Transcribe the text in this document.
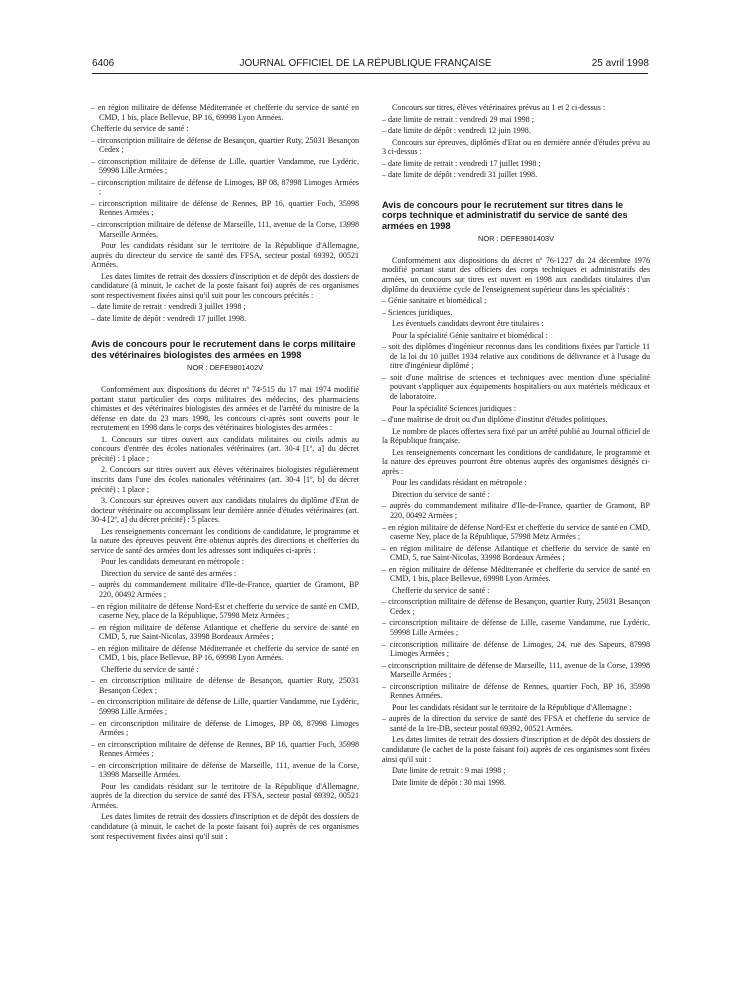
6406	JOURNAL OFFICIEL DE LA RÉPUBLIQUE FRANÇAISE	25 avril 1998

– en région militaire de défense Méditerranée et chefferie du service de santé en CMD, 1 bis, place Bellevue, BP 16, 69998 Lyon Armées.

Chefferie du service de santé :

– circonscription militaire de défense de Besançon, quartier Ruty, 25031 Besançon Cedex ;

– circonscription militaire de défense de Lille, quartier Vandamme, rue Lydéric, 59998 Lille Armées ;

– circonscription militaire de défense de Limoges, BP 08, 87998 Limoges Armées ;

– circonscription militaire de défense de Rennes, BP 16, quartier Foch, 35998 Rennes Armées ;

– circonscription militaire de défense de Marseille, 111, avenue de la Corse, 13998 Marseille Armées.

Pour les candidats résidant sur le territoire de la République d'Allemagne, auprès du directeur du service de santé des FFSA, secteur postal 69392, 00521 Armées.

Les dates limites de retrait des dossiers d'inscription et de dépôt des dossiers de candidature (à minuit, le cachet de la poste faisant foi) auprès de ces organismes sont respectivement fixées ainsi qu'il suit pour les concours précités :

– date limite de retrait : vendredi 3 juillet 1998 ;

– date limite de dépôt : vendredi 17 juillet 1998.

Avis de concours pour le recrutement dans le corps militaire des vétérinaires biologistes des armées en 1998
NOR : DEFE9801402V

Conformément aux dispositions du décret nº 74-515 du 17 mai 1974 modifié portant statut particulier des corps militaires des médecins, des pharmaciens chimistes et des vétérinaires biologistes des armées et de l'arrêté du ministre de la défense en date du 23 mars 1998, les concours ci-après sont ouverts pour le recrutement en 1998 dans le corps des vétérinaires biologistes des armées :

1. Concours sur titres ouvert aux candidats militaires ou civils admis au concours d'entrée des écoles nationales vétérinaires (art. 30-4 [1º, a] du décret précité) : 1 place ;

2. Concours sur titres ouvert aux élèves vétérinaires biologistes régulièrement inscrits dans l'une des écoles nationales vétérinaires (art. 30-4 [1º, b] du décret précité) : 1 place ;

3. Concours sur épreuves ouvert aux candidats titulaires du diplôme d'Etat de docteur vétérinaire ou accomplissant leur dernière année d'études vétérinaires (art. 30-4 [2º, a] du décret précité) : 5 places.

Les renseignements concernant les conditions de candidature, le programme et la nature des épreuves peuvent être obtenus auprès des directions et chefferies du service de santé des armées dont les adresses sont indiquées ci-après :

Pour les candidats demeurant en métropole :

Direction du service de santé des armées :

– auprès du commandement militaire d'Ile-de-France, quartier de Gramont, BP 220, 00492 Armées ;

– en région militaire de défense Nord-Est et chefferie du service de santé en CMD, caserne Ney, place de la République, 57998 Metz Armées ;

– en région militaire de défense Atlantique et chefferie du service de santé en CMD, 5, rue Saint-Nicolas, 33998 Bordeaux Armées ;

– en région militaire de défense Méditerranée et chefferie du service de santé en CMD, 1 bis, place Bellevue, BP 16, 69998 Lyon Armées.

Chefferie du service de santé :

– en circonscription militaire de défense de Besançon, quartier Ruty, 25031 Besançon Cedex ;

– en circonscription militaire de défense de Lille, quartier Vandamme, rue Lydéric, 59998 Lille Armées ;

– en circonscription militaire de défense de Limoges, BP 08, 87998 Limoges Armées ;

– en circonscription militaire de défense de Rennes, BP 16, quartier Foch, 35998 Rennes Armées ;

– en circonscription militaire de défense de Marseille, 111, avenue de la Corse, 13998 Marseille Armées.

Pour les candidats résidant sur le territoire de la République d'Allemagne, auprès de la direction du service de santé des FFSA, secteur postal 69392, 00521 Armées.

Les dates limites de retrait des dossiers d'inscription et de dépôt des dossiers de candidature (à minuit, le cachet de la poste faisant foi) auprès de ces organismes sont respectivement fixées ainsi qu'il suit :

Concours sur titres, élèves vétérinaires prévus au 1 et 2 ci-dessus :

– date limite de retrait : vendredi 29 mai 1998 ;

– date limite de dépôt : vendredi 12 juin 1998.

Concours sur épreuves, diplômés d'Etat ou en dernière année d'études prévu au 3 ci-dessus :

– date limite de retrait : vendredi 17 juillet 1998 ;

– date limite de dépôt : vendredi 31 juillet 1998.

Avis de concours pour le recrutement sur titres dans le corps technique et administratif du service de santé des armées en 1998
NOR : DEFE9801403V

Conformément aux dispositions du décret nº 76-1227 du 24 décembre 1976 modifié portant statut des officiers des corps techniques et administratifs des armées, un concours sur titres est ouvert en 1998 aux candidats titulaires d'un diplôme du deuxième cycle de l'enseignement supérieur dans les spécialités :

– Génie sanitaire et biomédical ;

– Sciences juridiques.

Les éventuels candidats devront être titulaires :

Pour la spécialité Génie sanitaire et biomédical :

– soit des diplômes d'ingénieur reconnus dans les conditions fixées par l'article 11 de la loi du 10 juillet 1934 relative aux conditions de délivrance et à l'usage du titre d'ingénieur diplômé ;

– soit d'une maîtrise de sciences et techniques avec mention d'une spécialité pouvant s'appliquer aux équipements hospitaliers ou aux matériels médicaux et de laboratoire.

Pour la spécialité Sciences juridiques :

– d'une maîtrise de droit ou d'un diplôme d'institut d'études politiques.

Le nombre de places offertes sera fixé par un arrêté publié au Journal officiel de la République française.

Les renseignements concernant les conditions de candidature, le programme et la nature des épreuves pourront être obtenus auprès des organismes désignés ci-après :

Pour les candidats résidant en métropole :

Direction du service de santé :

– auprès du commandement militaire d'Ile-de-France, quartier de Gramont, BP 220, 00492 Armées ;

– en région militaire de défense Nord-Est et chefferie du service de santé en CMD, caserne Ney, place de la République, 57998 Metz Armées ;

– en région militaire de défense Atlantique et chefferie du service de santé en CMD, 5, rue Saint-Nicolas, 33998 Bordeaux Armées ;

– en région militaire de défense Méditerranée et chefferie du service de santé en CMD, 1 bis, place Bellevue, 69998 Lyon Armées.

Chefferie du service de santé :

– circonscription militaire de défense de Besançon, quartier Ruty, 25031 Besançon Cedex ;

– circonscription militaire de défense de Lille, caserne Vandamme, rue Lydéric, 59998 Lille Armées ;

– circonscription militaire de défense de Limoges, 24, rue des Sapeurs, 87998 Limoges Armées ;

– circonscription militaire de défense de Marseille, 111, avenue de la Corse, 13998 Marseille Armées ;

– circonscription militaire de défense de Rennes, quartier Foch, BP 16, 35998 Rennes Armées.

Pour les candidats résidant sur le territoire de la République d'Allemagne :

– auprès de la direction du service de santé des FFSA et chefferie du service de santé de la 1re-DB, secteur postal 69392, 00521 Armées.

Les dates limites de retrait des dossiers d'inscription et de dépôt des dossiers de candidature (le cachet de la poste faisant foi) auprès de ces organismes sont fixées ainsi qu'il suit :

Date limite de retrait : 9 mai 1998 ;

Date limite de dépôt : 30 mai 1998.
